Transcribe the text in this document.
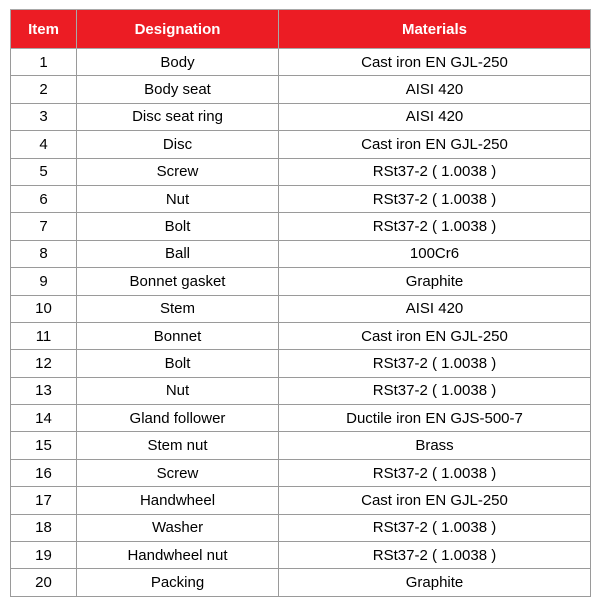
Item	Designation	Materials
1	Body	Cast iron EN GJL-250
2	Body seat	AISI 420
3	Disc seat ring	AISI 420
4	Disc	Cast iron EN GJL-250
5	Screw	RSt37-2 ( 1.0038 )
6	Nut	RSt37-2 ( 1.0038 )
7	Bolt	RSt37-2 ( 1.0038 )
8	Ball	100Cr6
9	Bonnet gasket	Graphite
10	Stem	AISI 420
11	Bonnet	Cast iron EN GJL-250
12	Bolt	RSt37-2 ( 1.0038 )
13	Nut	RSt37-2 ( 1.0038 )
14	Gland follower	Ductile iron EN GJS-500-7
15	Stem nut	Brass
16	Screw	RSt37-2 ( 1.0038 )
17	Handwheel	Cast iron EN GJL-250
18	Washer	RSt37-2 ( 1.0038 )
19	Handwheel nut	RSt37-2 ( 1.0038 )
20	Packing	Graphite
